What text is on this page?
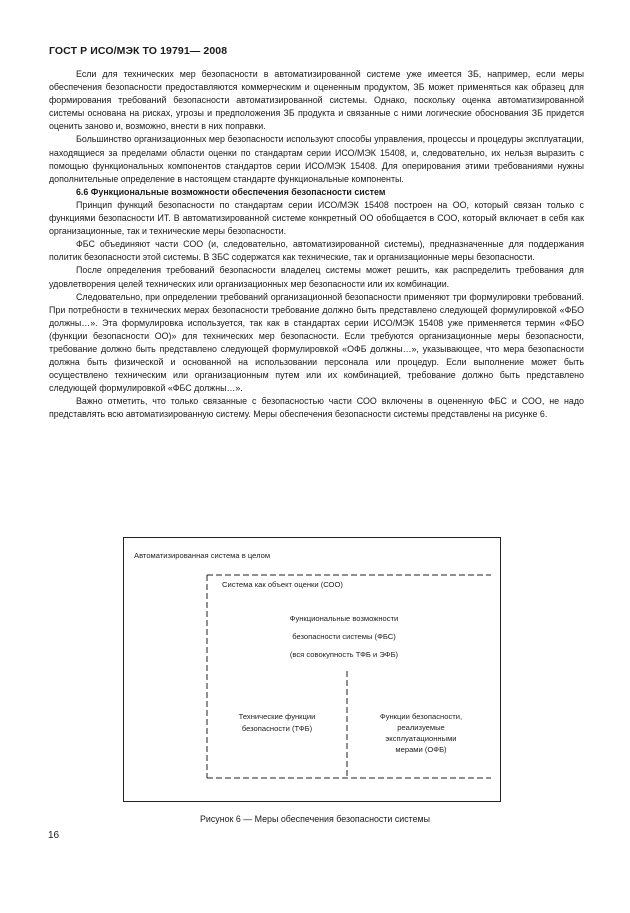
ГОСТ Р ИСО/МЭК ТО 19791— 2008

Если для технических мер безопасности в автоматизированной системе уже имеется ЗБ, например, если меры обеспечения безопасности предоставляются коммерческим и оцененным продуктом, ЗБ может применяться как образец для формирования требований безопасности автоматизированной системы. Однако, поскольку оценка автоматизированной системы основана на рисках, угрозы и предположения ЗБ продукта и связанные с ними логические обоснования ЗБ придется оценить заново и, возможно, внести в них поправки.

Большинство организационных мер безопасности используют способы управления, процессы и процедуры эксплуатации, находящиеся за пределами области оценки по стандартам серии ИСО/МЭК 15408, и, следовательно, их нельзя выразить с помощью функциональных компонентов стандартов серии ИСО/МЭК 15408. Для оперирования этими требованиями нужны дополнительные определение в настоящем стандарте функциональные компоненты.

6.6 Функциональные возможности обеспечения безопасности систем

Принцип функций безопасности по стандартам серии ИСО/МЭК 15408 построен на ОО, который связан только с функциями безопасности ИТ. В автоматизированной системе конкретный ОО обобщается в СОО, который включает в себя как организационные, так и технические меры безопасности.

ФБС объединяют части СОО (и, следовательно, автоматизированной системы), предназначенные для поддержания политик безопасности этой системы. В ЗБС содержатся как технические, так и организационные меры безопасности.

После определения требований безопасности владелец системы может решить, как распределить требования для удовлетворения целей технических или организационных мер безопасности или их комбинации.

Следовательно, при определении требований организационной безопасности применяют три формулировки требований. При потребности в технических мерах безопасности требование должно быть представлено следующей формулировкой «ФБО должны…». Эта формулировка используется, так как в стандартах серии ИСО/МЭК 15408 уже применяется термин «ФБО (функции безопасности ОО)» для технических мер безопасности. Если требуются организационные меры безопасности, требование должно быть представлено следующей формулировкой «ОФБ должны…», указывающее, что мера безопасности должна быть физической и основанной на использовании персонала или процедур. Если выполнение может быть осуществлено техническим или организационным путем или их комбинацией, требование должно быть представлено следующей формулировкой «ФБС должны…».

Важно отметить, что только связанные с безопасностью части СОО включены в оцененную ФБС и СОО, не надо представлять всю автоматизированную систему. Меры обеспечения безопасности системы представлены на рисунке 6.

Автоматизированная система в целом
Система как объект оценки (СОО)
Функциональные возможности
безопасности системы (ФБС)
(вся совокупность ТФБ и ЭФБ)
Технические функции
безопасности (ТФБ)
Функции безопасности,
реализуемые
эксплуатационными
мерами (ОФБ)
Рисунок 6 — Меры обеспечения безопасности системы
16
